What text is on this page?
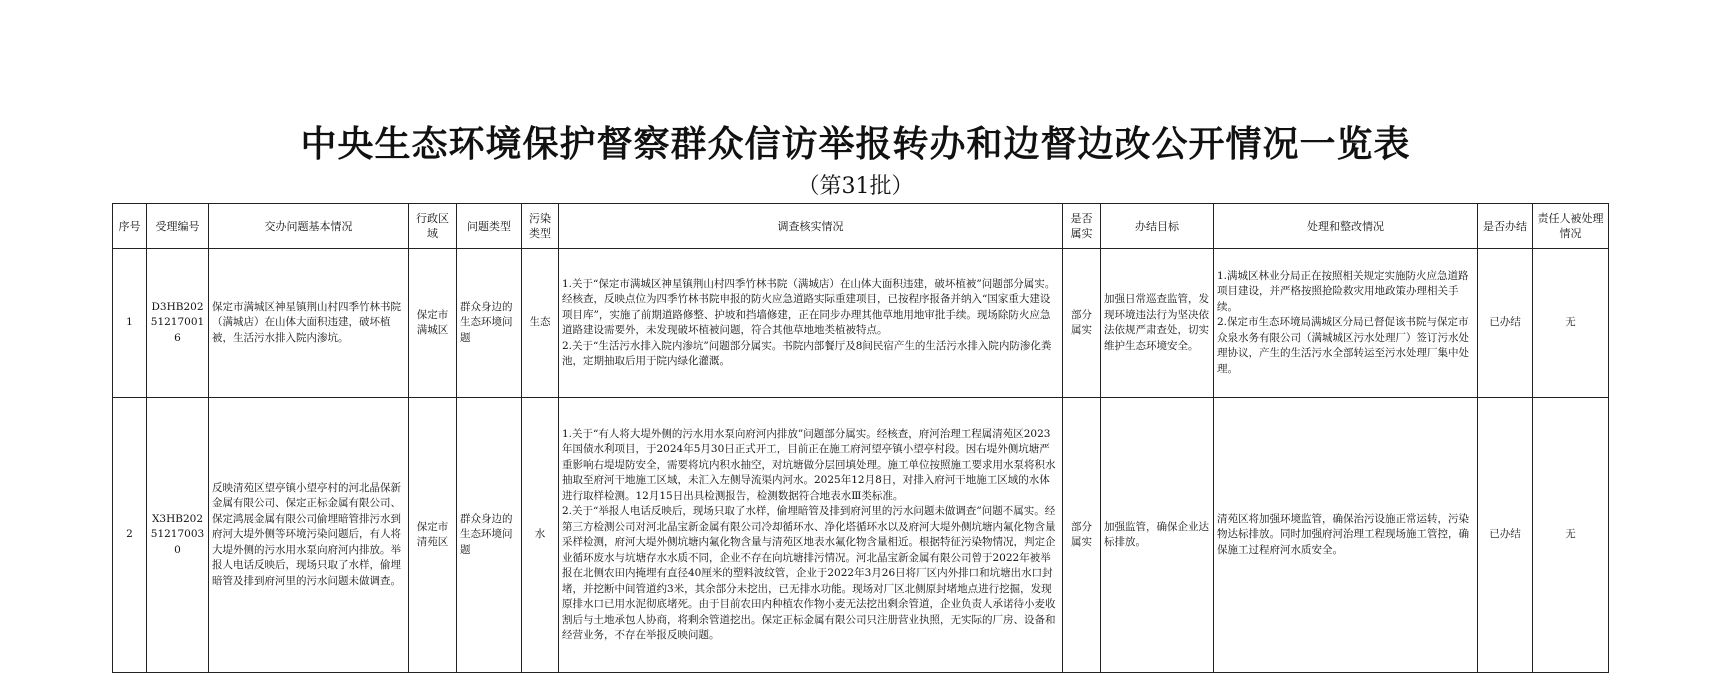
中央生态环境保护督察群众信访举报转办和边督边改公开情况一览表
（第31批）
序号	受理编号	交办问题基本情况	行政区域	问题类型	污染类型	调查核实情况	是否属实	办结目标	处理和整改情况	是否办结	责任人被处理情况
1	D3HB202512170016	保定市满城区神星镇荆山村四季竹林书院（满城店）在山体大面积违建，破坏植被，生活污水排入院内渗坑。	保定市满城区	群众身边的生态环境问题	生态	1.关于“保定市满城区神星镇荆山村四季竹林书院（满城店）在山体大面积违建，破坏植被”问题部分属实。经核查，反映点位为四季竹林书院申报的防火应急道路实际重建项目，已按程序报备并纳入“国家重大建设项目库”，实施了前期道路修整、护坡和挡墙修建，正在同步办理其他草地用地审批手续。现场除防火应急道路建设需要外，未发现破坏植被问题，符合其他草地地类植被特点。
2.关于“生活污水排入院内渗坑”问题部分属实。书院内部餐厅及8间民宿产生的生活污水排入院内防渗化粪池，定期抽取后用于院内绿化灌溉。	部分属实	加强日常巡查监管，发现环境违法行为坚决依法依规严肃查处，切实维护生态环境安全。	1.满城区林业分局正在按照相关规定实施防火应急道路项目建设，并严格按照抢险救灾用地政策办理相关手续。
2.保定市生态环境局满城区分局已督促该书院与保定市众泉水务有限公司（满城城区污水处理厂）签订污水处理协议，产生的生活污水全部转运至污水处理厂集中处理。	已办结	无
2	X3HB202512170030	反映清苑区望亭镇小望亭村的河北晶保新金属有限公司、保定正标金属有限公司、保定鸿展金属有限公司偷埋暗管排污水到府河大堤外侧等环境污染问题后，有人将大堤外侧的污水用水泵向府河内排放。举报人电话反映后，现场只取了水样，偷埋暗管及排到府河里的污水问题未做调查。	保定市清苑区	群众身边的生态环境问题	水	1.关于“有人将大堤外侧的污水用水泵向府河内排放”问题部分属实。经核查，府河治理工程属清苑区2023年国债水利项目，于2024年5月30日正式开工，目前正在施工府河望亭镇小望亭村段。因右堤外侧坑塘严重影响右堤堤防安全，需要将坑内积水抽空，对坑塘做分层回填处理。施工单位按照施工要求用水泵将积水抽取至府河干地施工区域，未汇入左侧导流渠内河水。2025年12月8日，对排入府河干地施工区域的水体进行取样检测。12月15日出具检测报告，检测数据符合地表水Ⅲ类标准。
2.关于“举报人电话反映后，现场只取了水样，偷埋暗管及排到府河里的污水问题未做调查”问题不属实。经第三方检测公司对河北晶宝新金属有限公司冷却循环水、净化塔循环水以及府河大堤外侧坑塘内氟化物含量采样检测，府河大堤外侧坑塘内氟化物含量与清苑区地表水氟化物含量相近。根据特征污染物情况，判定企业循环废水与坑塘存水水质不同，企业不存在向坑塘排污情况。河北晶宝新金属有限公司曾于2022年被举报在北侧农田内掩埋有直径40厘米的塑料波纹管，企业于2022年3月26日将厂区内外排口和坑塘出水口封堵，并挖断中间管道约3米，其余部分未挖出，已无排水功能。现场对厂区北侧原封堵地点进行挖掘，发现原排水口已用水泥彻底堵死。由于目前农田内种植农作物小麦无法挖出剩余管道，企业负责人承诺待小麦收割后与土地承包人协商，将剩余管道挖出。保定正标金属有限公司只注册营业执照，无实际的厂房、设备和经营业务，不存在举报反映问题。	部分属实	加强监管，确保企业达标排放。	清苑区将加强环境监管，确保治污设施正常运转，污染物达标排放。同时加强府河治理工程现场施工管控，确保施工过程府河水质安全。	已办结	无
